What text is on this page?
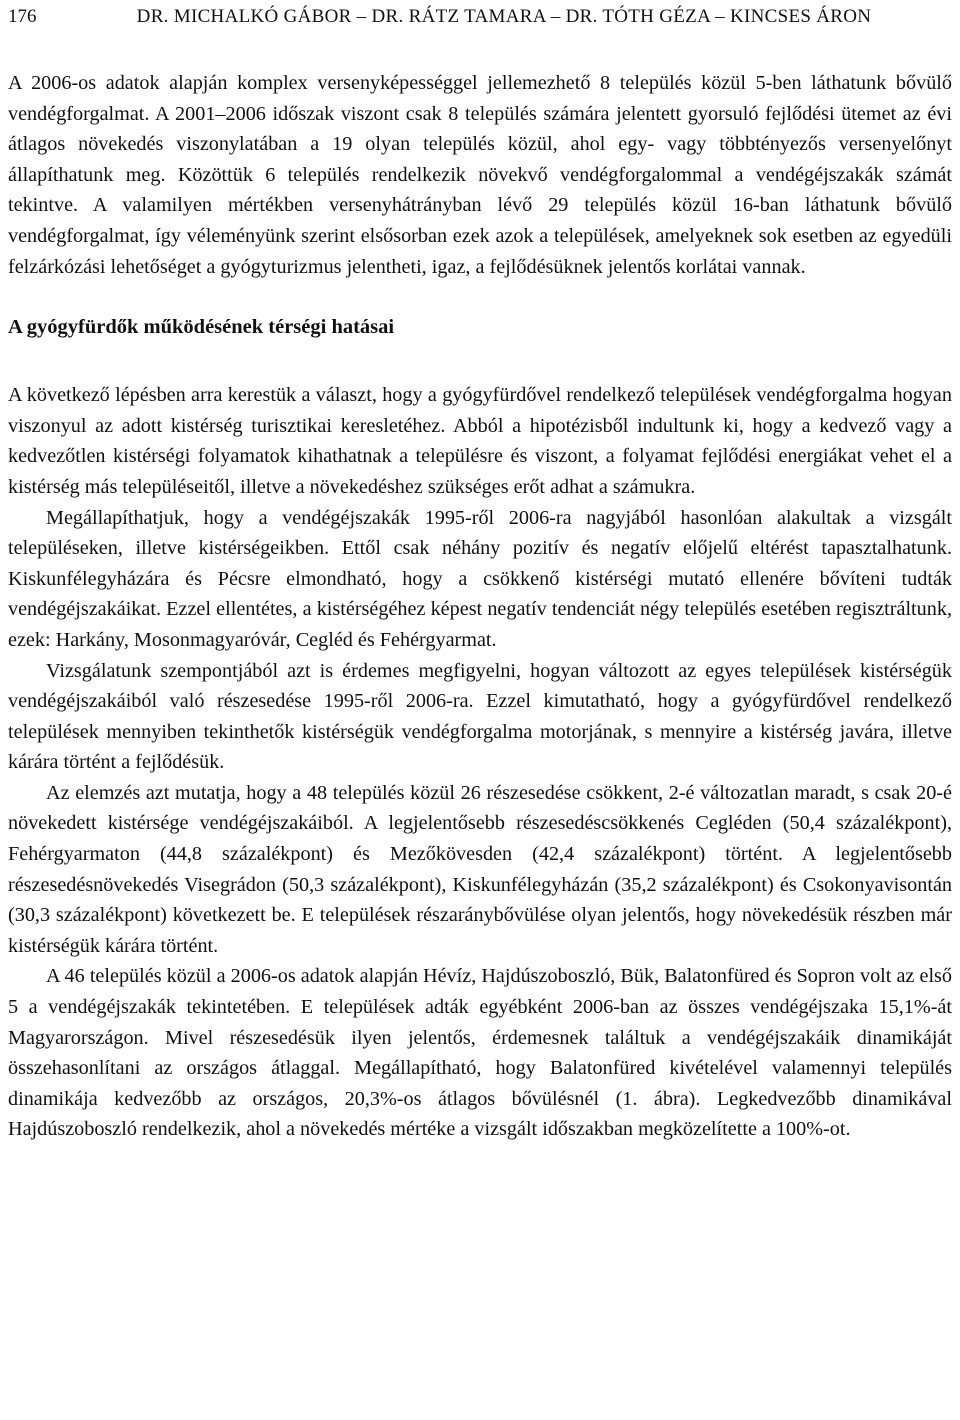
176	DR. MICHALKÓ GÁBOR – DR. RÁTZ TAMARA – DR. TÓTH GÉZA – KINCSES ÁRON

A 2006-os adatok alapján komplex versenyképességgel jellemezhető 8 település közül 5-ben láthatunk bővülő vendégforgalmat. A 2001–2006 időszak viszont csak 8 település számára jelentett gyorsuló fejlődési ütemet az évi átlagos növekedés viszonylatában a 19 olyan település közül, ahol egy- vagy többtényezős versenyelőnyt állapíthatunk meg. Közöttük 6 település rendelkezik növekvő vendégforgalommal a vendégéjszakák számát tekintve. A valamilyen mértékben versenyhátrányban lévő 29 település közül 16-ban láthatunk bővülő vendégforgalmat, így véleményünk szerint elsősorban ezek azok a települések, amelyeknek sok esetben az egyedüli felzárkózási lehetőséget a gyógyturizmus jelentheti, igaz, a fejlődésüknek jelentős korlátai vannak.

A gyógyfürdők működésének térségi hatásai

A következő lépésben arra kerestük a választ, hogy a gyógyfürdővel rendelkező települések vendégforgalma hogyan viszonyul az adott kistérség turisztikai keresletéhez. Abból a hipotézisből indultunk ki, hogy a kedvező vagy a kedvezőtlen kistérségi folyamatok kihathatnak a településre és viszont, a folyamat fejlődési energiákat vehet el a kistérség más településeitől, illetve a növekedéshez szükséges erőt adhat a számukra.

Megállapíthatjuk, hogy a vendégéjszakák 1995-ről 2006-ra nagyjából hasonlóan alakultak a vizsgált településeken, illetve kistérségeikben. Ettől csak néhány pozitív és negatív előjelű eltérést tapasztalhatunk. Kiskunfélegyházára és Pécsre elmondható, hogy a csökkenő kistérségi mutató ellenére bővíteni tudták vendégéjszakáikat. Ezzel ellentétes, a kistérségéhez képest negatív tendenciát négy település esetében regisztráltunk, ezek: Harkány, Mosonmagyaróvár, Cegléd és Fehérgyarmat.

Vizsgálatunk szempontjából azt is érdemes megfigyelni, hogyan változott az egyes települések kistérségük vendégéjszakáiból való részesedése 1995-ről 2006-ra. Ezzel kimutatható, hogy a gyógyfürdővel rendelkező települések mennyiben tekinthetők kistérségük vendégforgalma motorjának, s mennyire a kistérség javára, illetve kárára történt a fejlődésük.

Az elemzés azt mutatja, hogy a 48 település közül 26 részesedése csökkent, 2-é változatlan maradt, s csak 20-é növekedett kistérsége vendégéjszakáiból. A legjelentősebb részesedéscsökkenés Cegléden (50,4 százalékpont), Fehérgyarmaton (44,8 százalékpont) és Mezőkövesden (42,4 százalékpont) történt. A legjelentősebb részesedésnövekedés Visegrádon (50,3 százalékpont), Kiskunfélegyházán (35,2 százalékpont) és Csokonyavisontán (30,3 százalékpont) következett be. E települések részaránybővülése olyan jelentős, hogy növekedésük részben már kistérségük kárára történt.

A 46 település közül a 2006-os adatok alapján Hévíz, Hajdúszoboszló, Bük, Balatonfüred és Sopron volt az első 5 a vendégéjszakák tekintetében. E települések adták egyébként 2006-ban az összes vendégéjszaka 15,1%-át Magyarországon. Mivel részesedésük ilyen jelentős, érdemesnek találtuk a vendégéjszakáik dinamikáját összehasonlítani az országos átlaggal. Megállapítható, hogy Balatonfüred kivételével valamennyi település dinamikája kedvezőbb az országos, 20,3%-os átlagos bővülésnél (1. ábra). Legkedvezőbb dinamikával Hajdúszoboszló rendelkezik, ahol a növekedés mértéke a vizsgált időszakban megközelítette a 100%-ot.
